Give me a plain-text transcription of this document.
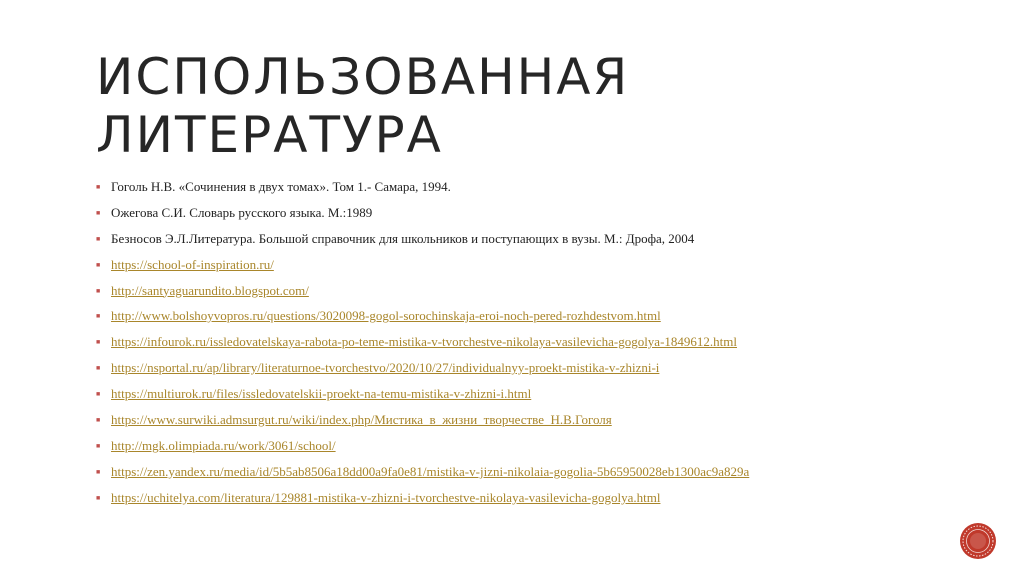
ИСПОЛЬЗОВАННАЯ ЛИТЕРАТУРА
■ Гоголь Н.В. «Сочинения в двух томах». Том 1.- Самара, 1994.
■ Ожегова С.И. Словарь русского языка. М.:1989
■ Безносов Э.Л.Литература. Большой справочник для школьников и поступающих в вузы. М.: Дрофа, 2004
■ https://school-of-inspiration.ru/
■ http://santyaguarundito.blogspot.com/
■ http://www.bolshoyvopros.ru/questions/3020098-gogol-sorochinskaja-eroi-noch-pered-rozhdestvom.html
■ https://infourok.ru/issledovatelskaya-rabota-po-teme-mistika-v-tvorchestve-nikolaya-vasilevicha-gogolya-1849612.html
■ https://nsportal.ru/ap/library/literaturnoe-tvorchestvo/2020/10/27/individualnyy-proekt-mistika-v-zhizni-i
■ https://multiurok.ru/files/issledovatelskii-proekt-na-temu-mistika-v-zhizni-i.html
■ https://www.surwiki.admsurgut.ru/wiki/index.php/Мистика_в_жизни_творчестве_Н.В.Гоголя
■ http://mgk.olimpiada.ru/work/3061/school/
■ https://zen.yandex.ru/media/id/5b5ab8506a18dd00a9fa0e81/mistika-v-jizni-nikolaia-gogolia-5b65950028eb1300ac9a829a
■ https://uchitelya.com/literatura/129881-mistika-v-zhizni-i-tvorchestve-nikolaya-vasilevicha-gogolya.html
